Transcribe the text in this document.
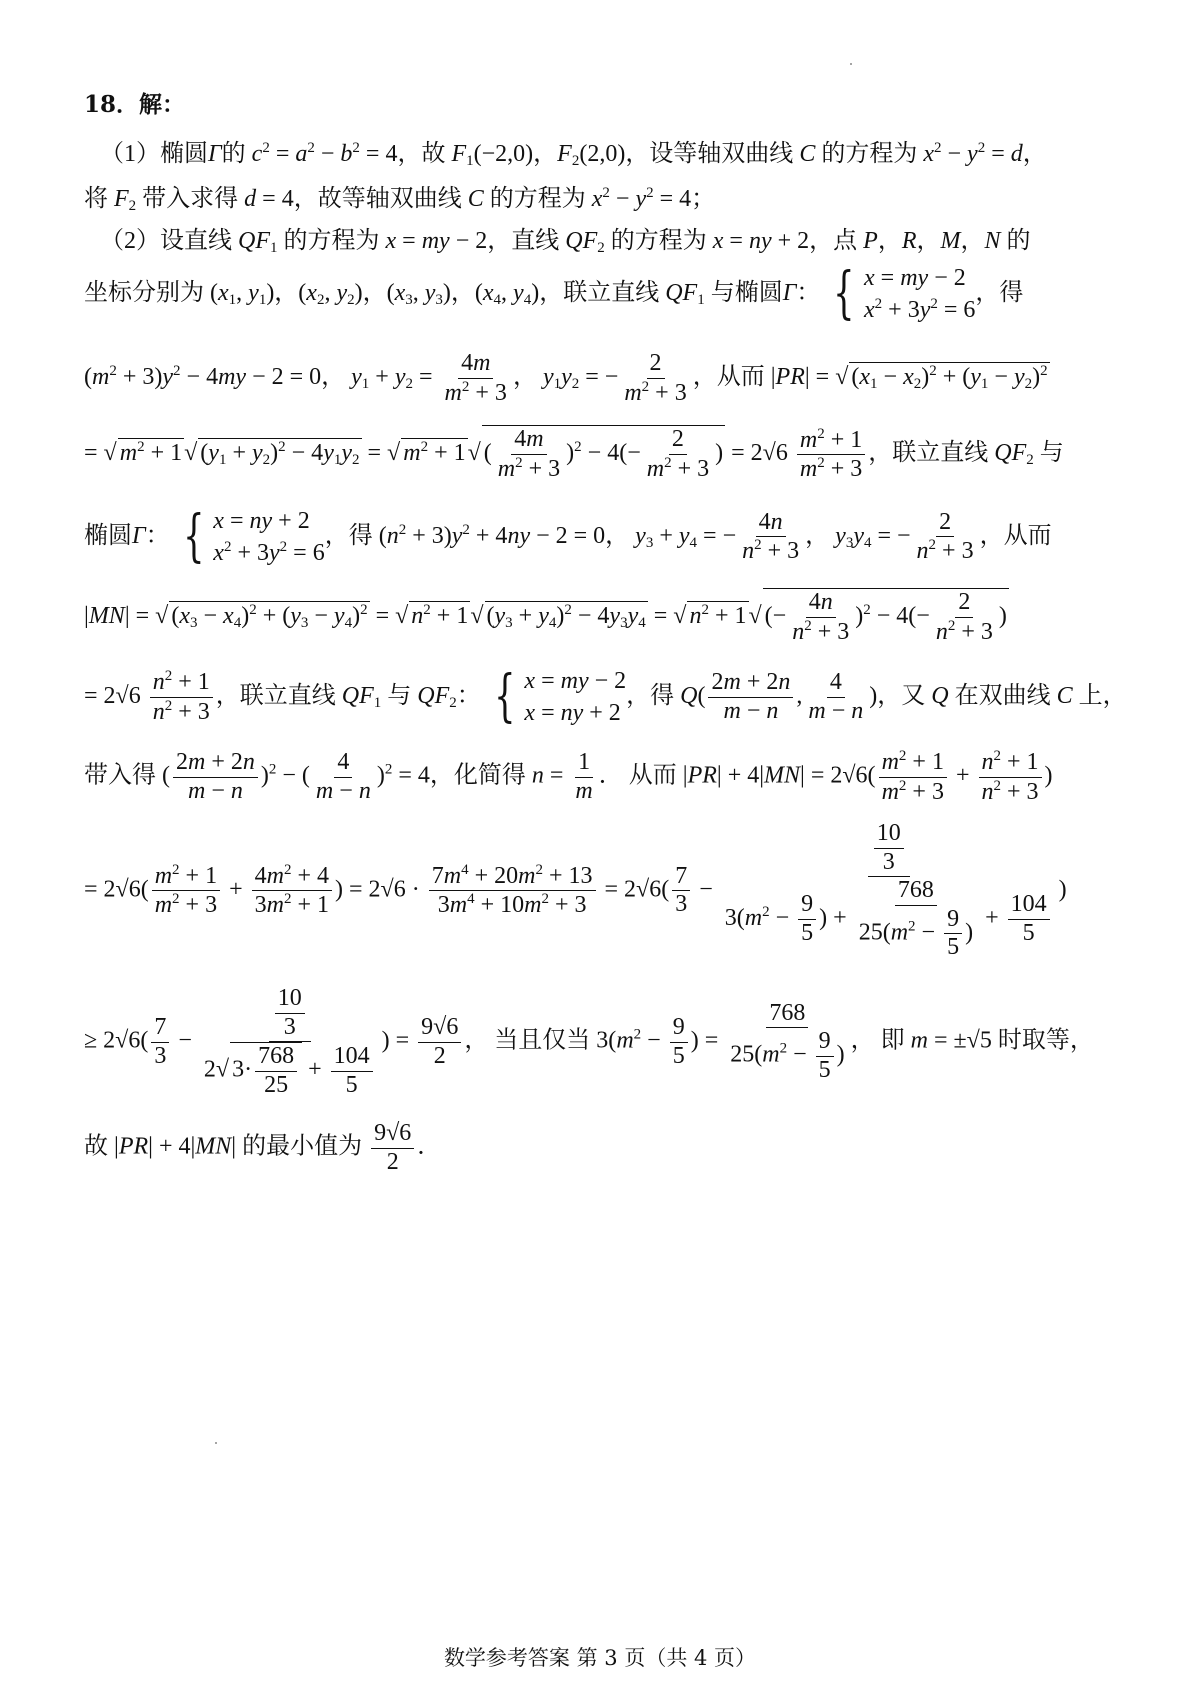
18．解：
（1）椭圆Γ的 $c^2 = a^2 - b^2 = 4$，故 $F_1(-2,0)$，$F_2(2,0)$，设等轴双曲线 C 的方程为 $x^2 - y^2 = d$，
将 $F_2$ 带入求得 d = 4，故等轴双曲线 C 的方程为 $x^2 - y^2 = 4$；
（2）设直线 $QF_1$ 的方程为 x = my − 2，直线 $QF_2$ 的方程为 x = ny + 2，点 P，R，M，N 的
坐标分别为 ($x_1$, $y_1$)，($x_2$, $y_2$)，($x_3$, $y_3$)，($x_4$, $y_4$)，联立直线 $QF_1$ 与椭圆Γ： { x = my − 2
$x^2 + 3y^2 = 6$
，得
$(m^2 + 3)y^2 - 4my - 2 = 0$， $y_1 + y_2 = \frac{4m}{m^2 + 3}$ ， $y_1y_2$ = − $\frac{2}{m^2 + 3}$ ，从而 |PR| = √ $(x_1 - x_2)^2 + (y_1 - y_2)^2$
= √ $m^2 + 1√$ $(y_1 + y_2)^2 - 4y_1y_2$ = √ $m^2 + 1√$ ( $\frac{4m}{m^2 + 3} )^2 - 4(- \frac{2}{m^2 + 3}$ ) = $2√6 \frac{m^2 + 1}{m^2 + 3}$ ，联立直线 $QF_2$ 与
椭圆Γ： { x = ny + 2
$x^2 + 3y^2 = 6$
，得 $(n^2 + 3)y^2 + 4ny - 2 = 0$， $y_3 + y_4$ = − $\frac{4n}{n^2 + 3}$ ， $y_3y_4$ = − $\frac{2}{n^2 + 3}$ ，从而
|MN| = √ $(x_3 - x_4)^2 + (y_3 - y_4)^2$ = √ $n^2 + 1√$ $(y_3 + y_4)^2 - 4y_3y_4$ = √ $n^2 + 1√$ (− $\frac{4n}{n^2 + 3} )^2 - 4(- \frac{2}{n^2 + 3}$ )
= $2√6 \frac{n^2 + 1}{n^2 + 3}$ ，联立直线 $QF_1$ 与 $QF_2$： { x = my − 2
x = ny + 2
，得 $Q( \frac{2m + 2n}{m - n}$ , $\frac{4}{m - n}$ )，又 Q 在双曲线 C 上，
带入得 ( $\frac{2m + 2n}{m - n} )^2$ − ( $\frac{4}{m - n} )^2 = 4$，化简得 $n = \frac{1}{m}$ ． 从而 $|PR| + 4|MN| = 2√6( \frac{m^2 + 1}{m^2 + 3} + \frac{n^2 + 1}{n^2 + 3}$ )
= $2√6( \frac{m^2 + 1}{m^2 + 3} + \frac{4m^2 + 4}{3m^2 + 1}$ ) = $2√6 \cdot \frac{7m^4 + 20m^2 + 13}{3m^4 + 10m^2 + 3} = 2√6( \frac{7}{3} - \frac{\frac{10}{3}}{3(m^2 - \frac{9}{5} ) + \frac{768}{25(m^2 - \frac{9}{5} )} + \frac{104}{5}}$ )
≥ $2√6( \frac{7}{3} - \frac{\frac{10}{3}}{2√ 3\cdot \frac{768}{25} + \frac{104}{5}}$ ) = $\frac{9√6}{2}$ ， 当且仅当 $3(m^2 - \frac{9}{5}$ ) = $\frac{768}{25(m^2 - \frac{9}{5} )}$ ， 即 m = ±√5 时取等，
故 |PR| + 4|MN| 的最小值为 $\frac{9√6}{2}$ ．
数学参考答案 第 3 页（共 4 页）
